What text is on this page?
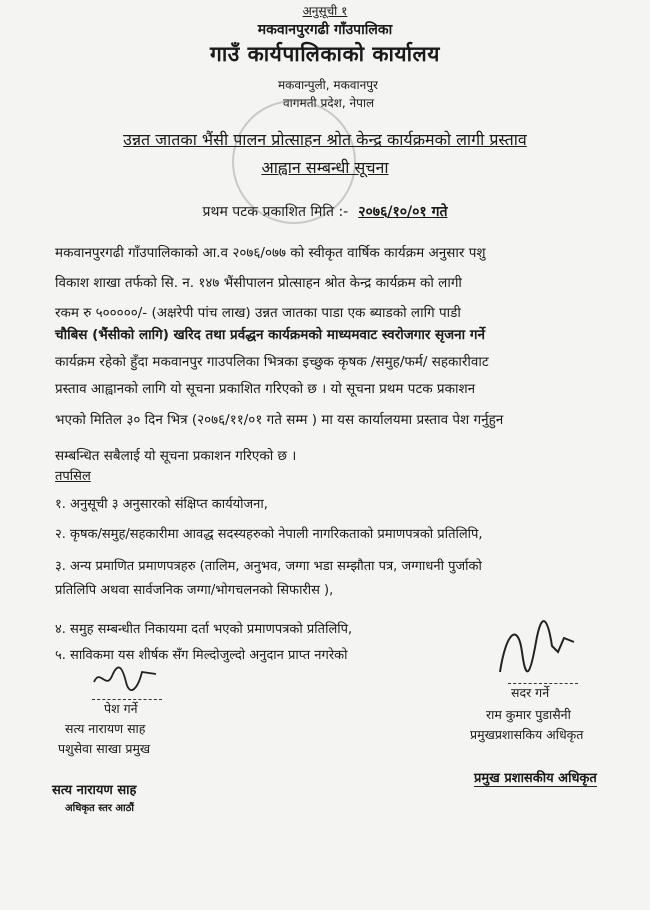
अनुसूची १
मकवानपुरगढी गाँउपालिका
गाउँ कार्यपालिकाको कार्यालय
मकवान्पुली, मकवानपुर
वागमती प्रदेश, नेपाल
उन्नत जातका भैंसी पालन प्रोत्साहन श्रोत केन्द्र कार्यक्रमको लागी प्रस्ताव
आह्वान सम्बन्धी सूचना
प्रथम पटक प्रकाशित मिति :- २०७६/१०/०१ गते
मकवानपुरगढी गाँउपालिकाको आ.व २०७६/०७७ को स्वीकृत वार्षिक कार्यक्रम अनुसार पशु
विकाश शाखा तर्फको सि. न. १४७ भैंसीपालन प्रोत्साहन श्रोत केन्द्र कार्यक्रम को लागी
रकम रु ५०००००/- (अक्षरेपी पांच लाख) उन्नत जातका पाडा एक ब्याडको लागि पाडी
चौबिस (भैंसीको लागि) खरिद तथा प्रर्वद्धन कार्यक्रमको माध्यमवाट स्वरोजगार सृजना गर्ने
कार्यक्रम रहेको हुँदा मकवानपुर गाउपलिका भित्रका इच्छुक कृषक /समुह/फर्म/ सहकारीवाट
प्रस्ताव आह्वानको लागि यो सूचना प्रकाशित गरिएको छ । यो सूचना प्रथम पटक प्रकाशन
भएको मितिल ३० दिन भित्र (२०७६/११/०१ गते सम्म ) मा यस कार्यालयमा प्रस्ताव पेश गर्नुहुन
सम्बन्धित सबैलाई यो सूचना प्रकाशन गरिएको छ ।
तपसिल
१. अनुसूची ३ अनुसारको संक्षिप्त कार्ययोजना,
२. कृषक/समुह/सहकारीमा आवद्ध सदस्यहरुको नेपाली नागरिकताको प्रमाणपत्रको प्रतिलिपि,
३. अन्य प्रमाणित प्रमाणपत्रहरु (तालिम, अनुभव, जग्गा भडा सम्झौता पत्र, जग्गाधनी पुर्जाको
प्रतिलिपि अथवा सार्वजनिक जग्गा/भोगचलनको सिफारीस ),
४. समुह सम्बन्धीत निकायमा दर्ता भएको प्रमाणपत्रको प्रतिलिपि,
५. साविकमा यस शीर्षक सँग मिल्दोजुल्दो अनुदान प्राप्त नगरेको
पेश गर्ने
सत्य नारायण साह
पशुसेवा साखा प्रमुख
सदर गर्ने
राम कुमार पुडासैनी
प्रमुखप्रशासकिय अधिकृत
सत्य नारायण साह
अधिकृत स्तर आठौं
प्रमुख प्रशासकीय अधिकृत
